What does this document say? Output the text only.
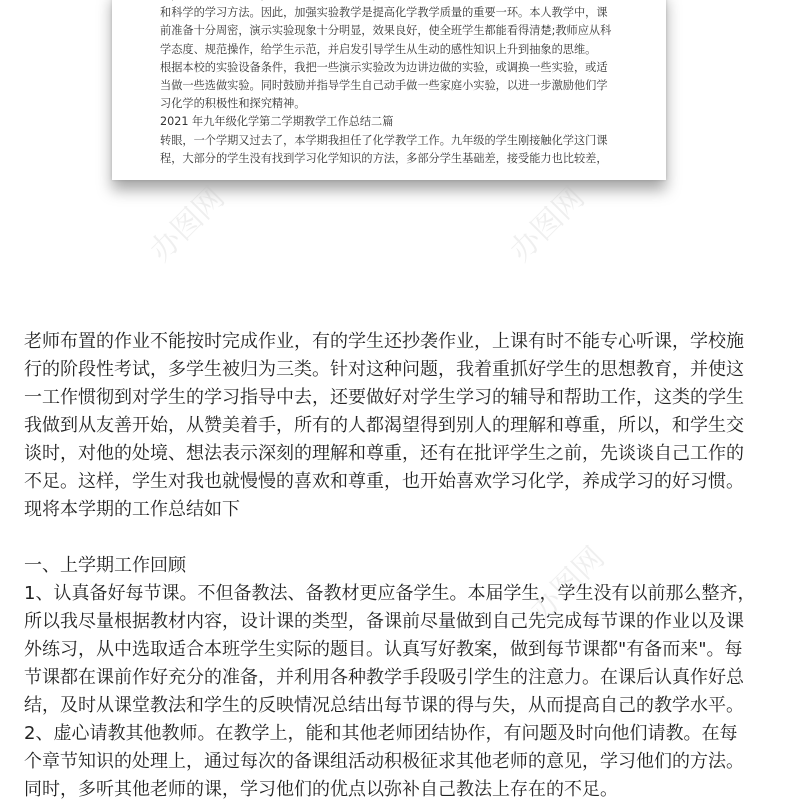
和科学的学习方法。因此，加强实验教学是提高化学教学质量的重要一环。本人教学中，课
前准备十分周密，演示实验现象十分明显，效果良好，使全班学生都能看得清楚;教师应从科
学态度、规范操作，给学生示范，并启发引导学生从生动的感性知识上升到抽象的思维。
根据本校的实验设备条件，我把一些演示实验改为边讲边做的实验，或调换一些实验，或适
当做一些选做实验。同时鼓励并指导学生自己动手做一些家庭小实验，以进一步激励他们学
习化学的积极性和探究精神。
2021 年九年级化学第二学期教学工作总结二篇
转眼，一个学期又过去了，本学期我担任了化学教学工作。九年级的学生刚接触化学这门课
程，大部分的学生没有找到学习化学知识的方法，多部分学生基础差，接受能力也比较差，
办图网	办图网
办图网
老师布置的作业不能按时完成作业，有的学生还抄袭作业，上课有时不能专心听课，学校施
行的阶段性考试，多学生被归为三类。针对这种问题，我着重抓好学生的思想教育，并使这
一工作惯彻到对学生的学习指导中去，还要做好对学生学习的辅导和帮助工作，这类的学生
我做到从友善开始，从赞美着手，所有的人都渴望得到别人的理解和尊重，所以，和学生交
谈时，对他的处境、想法表示深刻的理解和尊重，还有在批评学生之前，先谈谈自己工作的
不足。这样，学生对我也就慢慢的喜欢和尊重，也开始喜欢学习化学，养成学习的好习惯。
现将本学期的工作总结如下
一、上学期工作回顾
1、认真备好每节课。不但备教法、备教材更应备学生。本届学生，学生没有以前那么整齐，
所以我尽量根据教材内容，设计课的类型，备课前尽量做到自己先完成每节课的作业以及课
外练习，从中选取适合本班学生实际的题目。认真写好教案，做到每节课都"有备而来"。每
节课都在课前作好充分的准备，并利用各种教学手段吸引学生的注意力。在课后认真作好总
结，及时从课堂教法和学生的反映情况总结出每节课的得与失，从而提高自己的教学水平。
2、虚心请教其他教师。在教学上，能和其他老师团结协作，有问题及时向他们请教。在每
个章节知识的处理上，通过每次的备课组活动积极征求其他老师的意见，学习他们的方法。
同时，多听其他老师的课，学习他们的优点以弥补自己教法上存在的不足。
